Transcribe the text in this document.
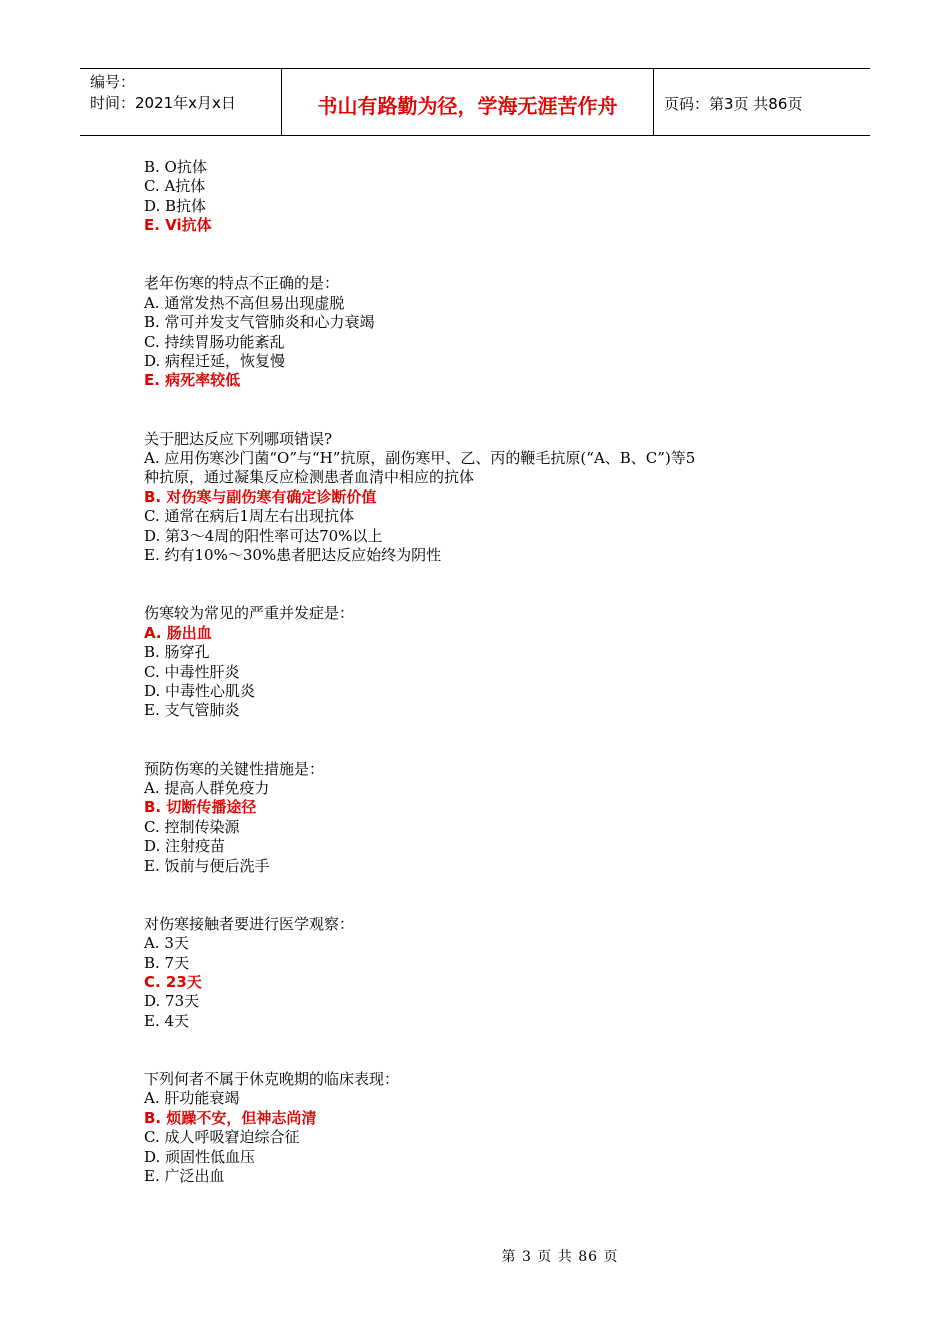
编号：
时间：2021年x月x日	书山有路勤为径，学海无涯苦作舟	页码：第3页 共86页
B. O抗体
C. A抗体
D. B抗体
E. Vi抗体
老年伤寒的特点不正确的是：
A. 通常发热不高但易出现虚脱
B. 常可并发支气管肺炎和心力衰竭
C. 持续胃肠功能紊乱
D. 病程迁延，恢复慢
E. 病死率较低
关于肥达反应下列哪项错误?
A. 应用伤寒沙门菌“O”与“H”抗原，副伤寒甲、乙、丙的鞭毛抗原(“A、B、C”)等5
种抗原，通过凝集反应检测患者血清中相应的抗体
B. 对伤寒与副伤寒有确定诊断价值
C. 通常在病后1周左右出现抗体
D. 第3～4周的阳性率可达70%以上
E. 约有10%～30%患者肥达反应始终为阴性
伤寒较为常见的严重并发症是：
A. 肠出血
B. 肠穿孔
C. 中毒性肝炎
D. 中毒性心肌炎
E. 支气管肺炎
预防伤寒的关键性措施是：
A. 提高人群免疫力
B. 切断传播途径
C. 控制传染源
D. 注射疫苗
E. 饭前与便后洗手
对伤寒接触者要进行医学观察：
A. 3天
B. 7天
C. 23天
D. 73天
E. 4天
下列何者不属于休克晚期的临床表现：
A. 肝功能衰竭
B. 烦躁不安，但神志尚清
C. 成人呼吸窘迫综合征
D. 顽固性低血压
E. 广泛出血
第 3 页 共 86 页
